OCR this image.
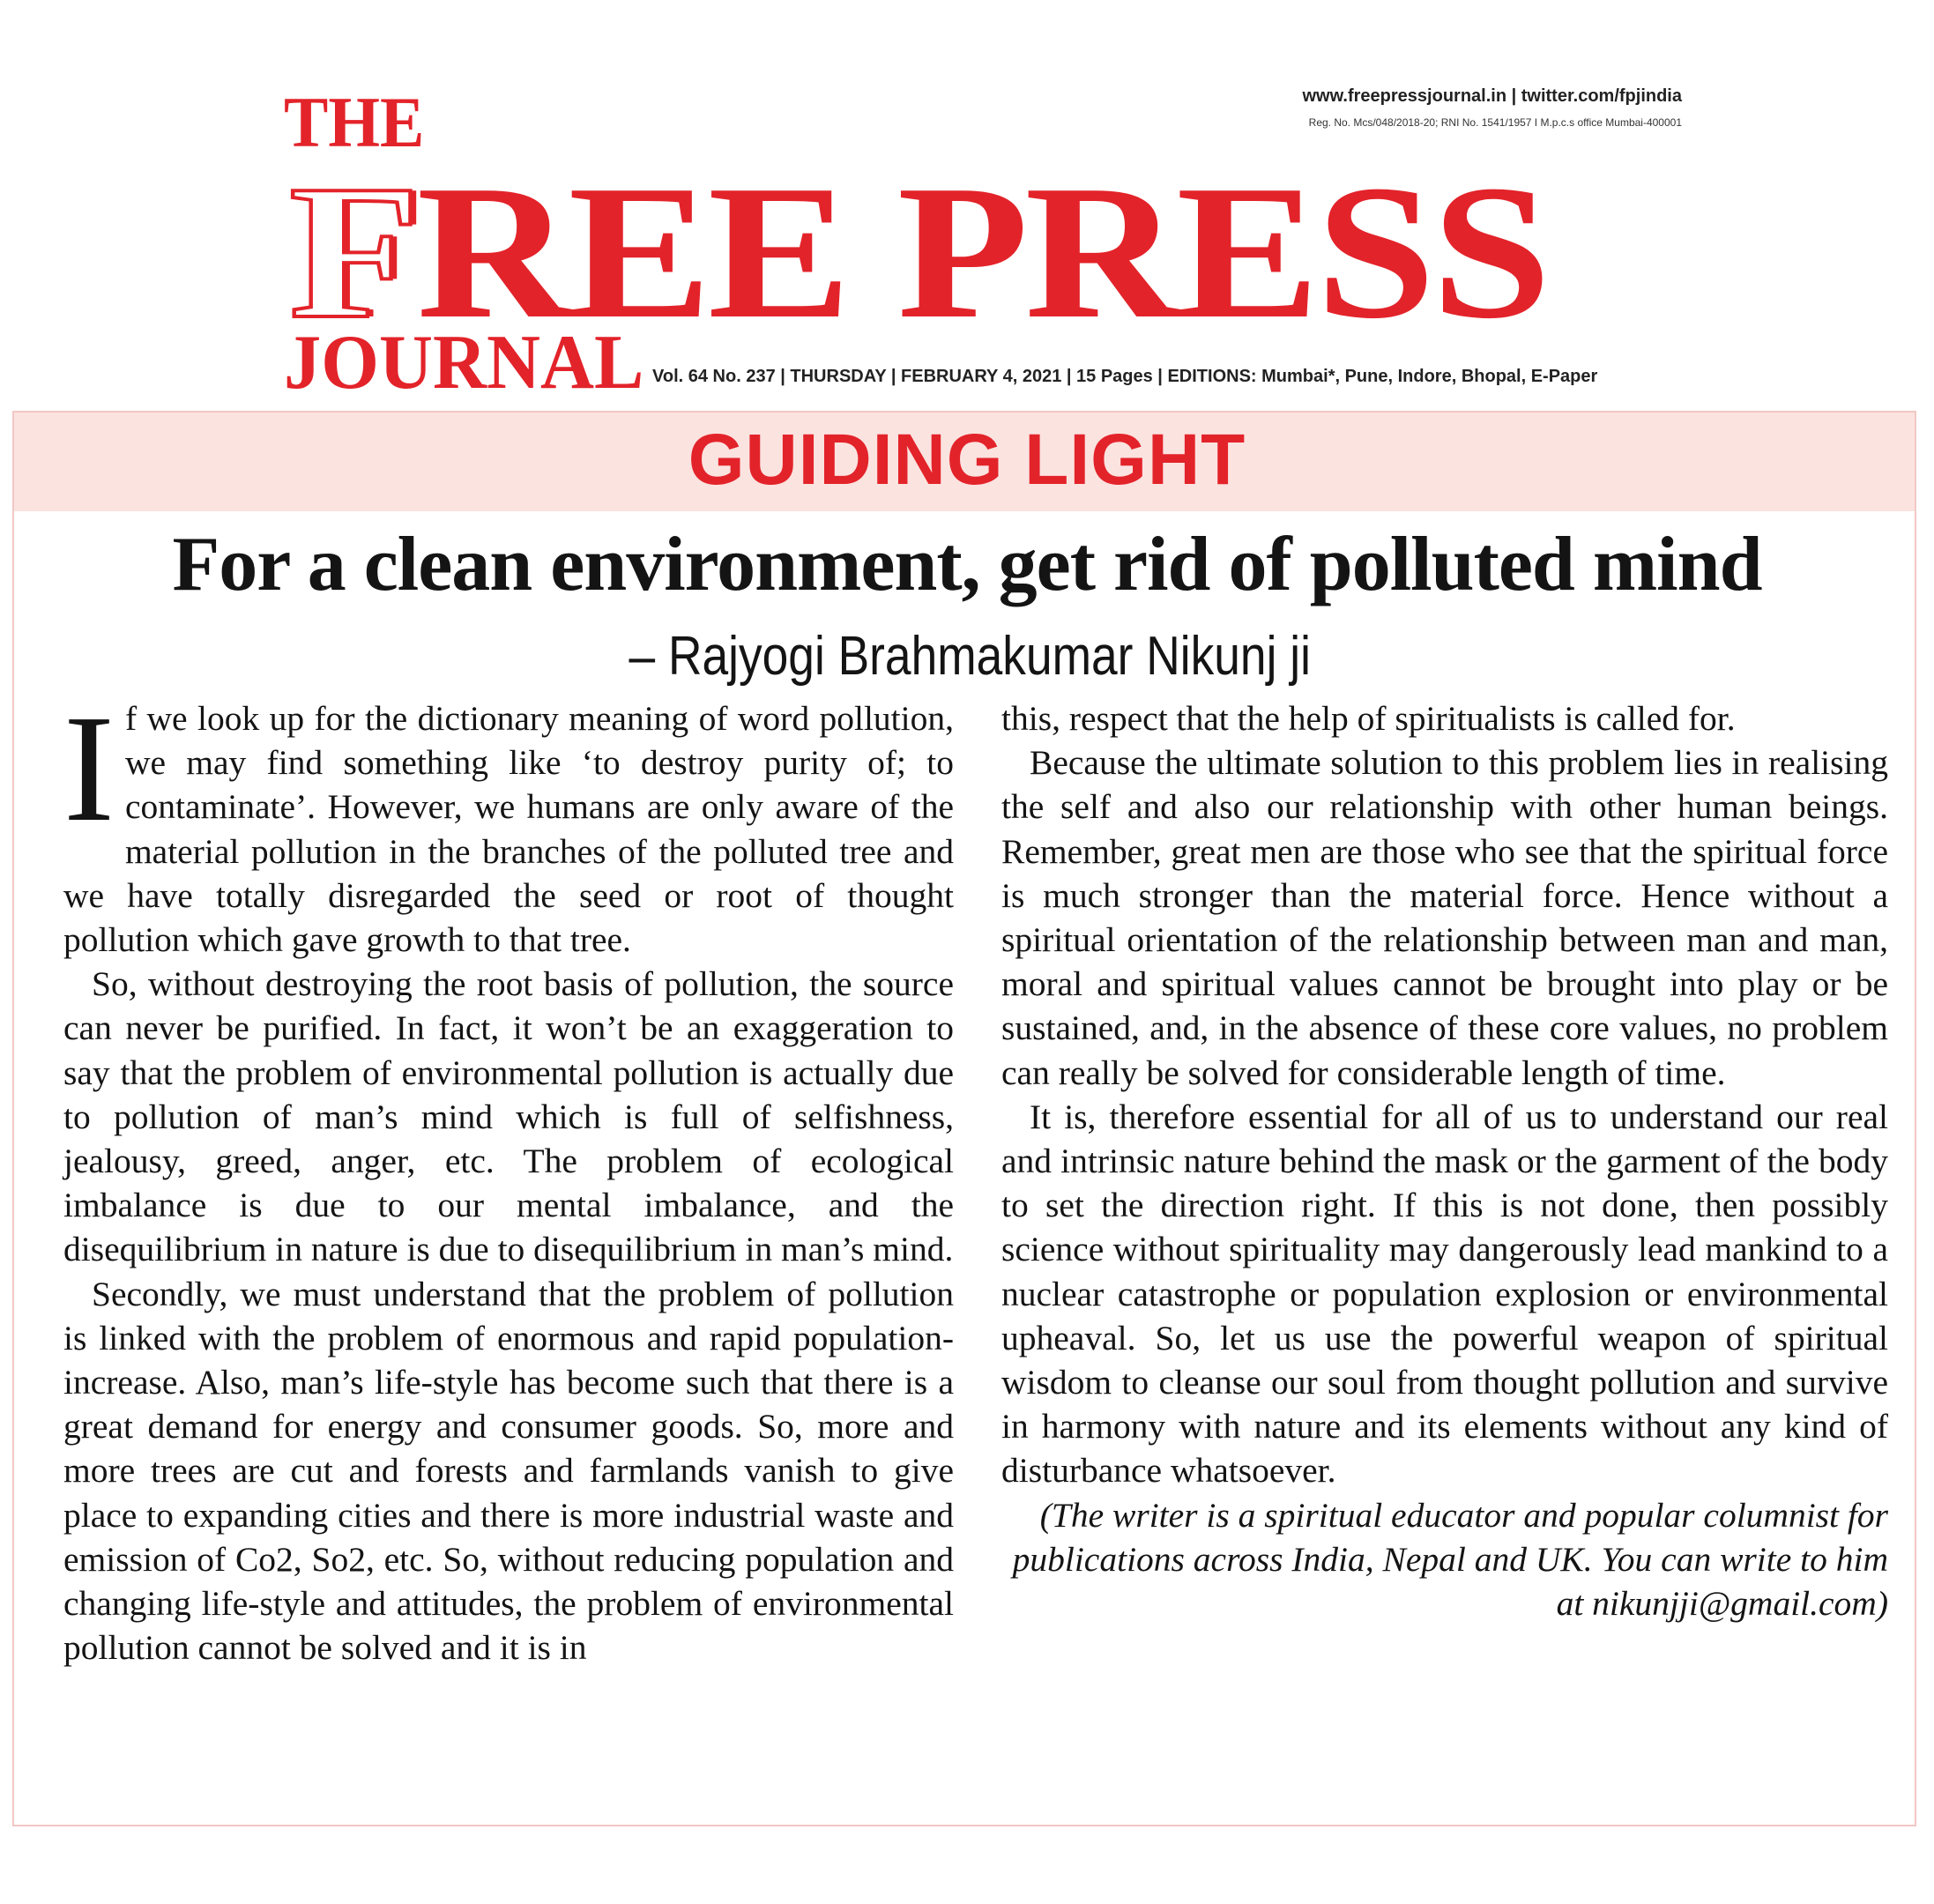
THE
FREE PRESS
JOURNAL
www.freepressjournal.in | twitter.com/fpjindia
Reg. No. Mcs/048/2018-20; RNI No. 1541/1957 I M.p.c.s office Mumbai-400001
Vol. 64 No. 237 | THURSDAY | FEBRUARY 4, 2021 | 15 Pages | EDITIONS: Mumbai*, Pune, Indore, Bhopal, E-Paper
GUIDING LIGHT
For a clean environment, get rid of polluted mind
– Rajyogi Brahmakumar Nikunj ji

If we look up for the dictionary meaning of word pollution, we may find something like ‘to destroy purity of; to contaminate’. However, we humans are only aware of the material pollution in the branches of the polluted tree and we have totally disregarded the seed or root of thought pollution which gave growth to that tree.

So, without destroying the root basis of pollution, the source can never be purified. In fact, it won’t be an exaggeration to say that the problem of environmental pollution is actually due to pollution of man’s mind which is full of selfishness, jealousy, greed, anger, etc. The problem of ecological imbalance is due to our mental imbalance, and the disequilibrium in nature is due to disequilibrium in man’s mind.

Secondly, we must understand that the problem of pollution is linked with the problem of enormous and rapid population- increase. Also, man’s life-style has become such that there is a great demand for energy and consumer goods. So, more and more trees are cut and forests and farmlands vanish to give place to expanding cities and there is more industrial waste and emission of Co2, So2, etc. So, without reducing population and changing life-style and attitudes, the problem of environmental pollution cannot be solved and it is in

this, respect that the help of spiritualists is called for.

Because the ultimate solution to this problem lies in realising the self and also our relationship with other human beings. Remember, great men are those who see that the spiritual force is much stronger than the material force. Hence without a spiritual orientation of the relationship between man and man, moral and spiritual values cannot be brought into play or be sustained, and, in the absence of these core values, no problem can really be solved for considerable length of time.

It is, therefore essential for all of us to understand our real and intrinsic nature behind the mask or the garment of the body to set the direction right. If this is not done, then possibly science without spirituality may dangerously lead mankind to a nuclear catastrophe or population explosion or environmental upheaval. So, let us use the powerful weapon of spiritual wisdom to cleanse our soul from thought pollution and survive in harmony with nature and its elements without any kind of disturbance whatsoever.

(The writer is a spiritual educator and popular columnist for publications across India, Nepal and UK. You can write to him at nikunjji@gmail.com)
